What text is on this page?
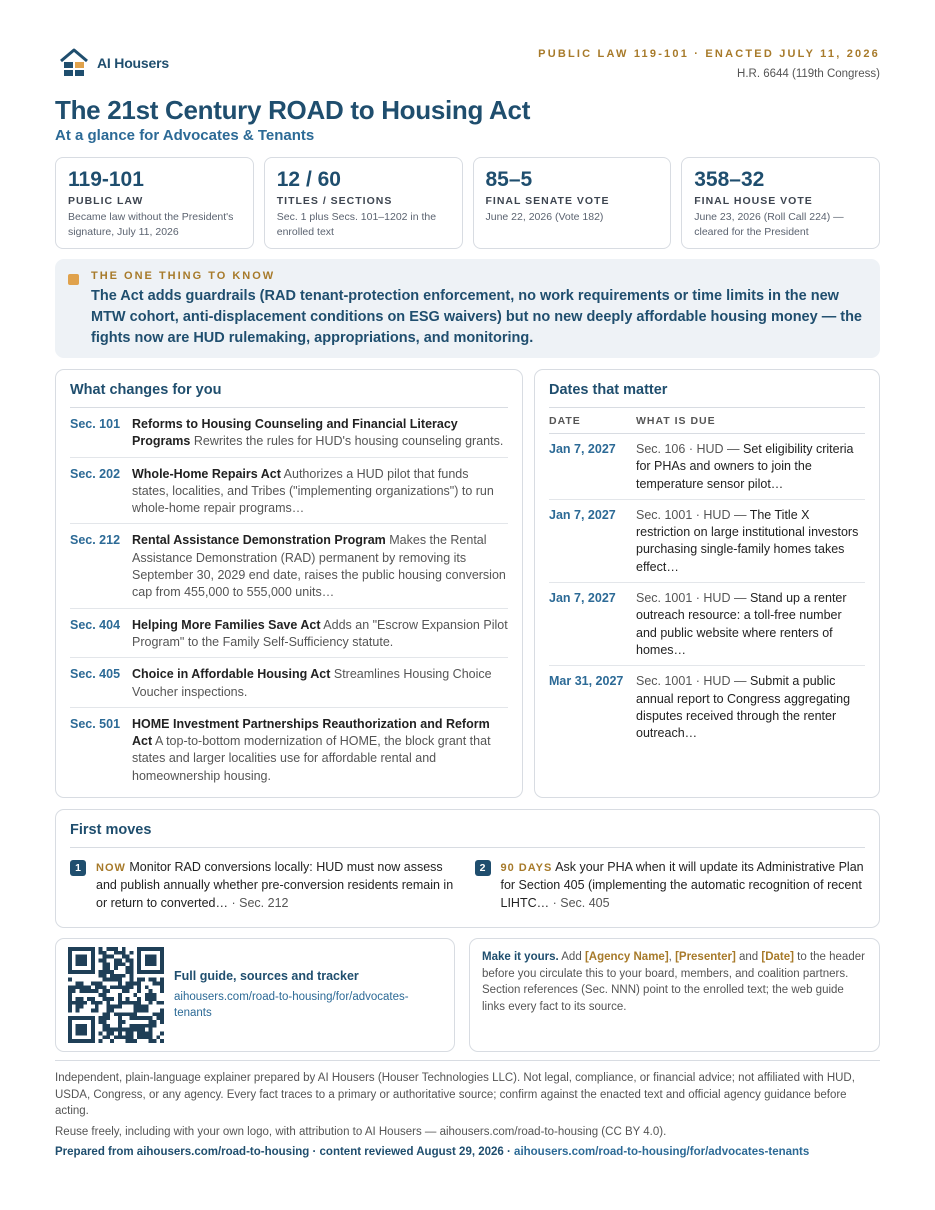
AI Housers
PUBLIC LAW 119-101 · ENACTED JULY 11, 2026
H.R. 6644 (119th Congress)
The 21st Century ROAD to Housing Act
At a glance for Advocates & Tenants
119-101
PUBLIC LAW
Became law without the President's signature, July 11, 2026
12 / 60
TITLES / SECTIONS
Sec. 1 plus Secs. 101–1202 in the enrolled text
85–5
FINAL SENATE VOTE
June 22, 2026 (Vote 182)
358–32
FINAL HOUSE VOTE
June 23, 2026 (Roll Call 224) — cleared for the President
THE ONE THING TO KNOW
The Act adds guardrails (RAD tenant-protection enforcement, no work requirements or time limits in the new MTW cohort, anti-displacement conditions on ESG waivers) but no new deeply affordable housing money — the fights now are HUD rulemaking, appropriations, and monitoring.
What changes for you
Sec. 101 Reforms to Housing Counseling and Financial Literacy Programs Rewrites the rules for HUD's housing counseling grants.
Sec. 202 Whole-Home Repairs Act Authorizes a HUD pilot that funds states, localities, and Tribes ("implementing organizations") to run whole-home repair programs…
Sec. 212 Rental Assistance Demonstration Program Makes the Rental Assistance Demonstration (RAD) permanent by removing its September 30, 2029 end date, raises the public housing conversion cap from 455,000 to 555,000 units…
Sec. 404 Helping More Families Save Act Adds an "Escrow Expansion Pilot Program" to the Family Self-Sufficiency statute.
Sec. 405 Choice in Affordable Housing Act Streamlines Housing Choice Voucher inspections.
Sec. 501 HOME Investment Partnerships Reauthorization and Reform Act A top-to-bottom modernization of HOME, the block grant that states and larger localities use for affordable rental and homeownership housing.
Dates that matter
DATE	WHAT IS DUE
Jan 7, 2027	Sec. 106 · HUD — Set eligibility criteria for PHAs and owners to join the temperature sensor pilot…
Jan 7, 2027	Sec. 1001 · HUD — The Title X restriction on large institutional investors purchasing single-family homes takes effect…
Jan 7, 2027	Sec. 1001 · HUD — Stand up a renter outreach resource: a toll-free number and public website where renters of homes…
Mar 31, 2027	Sec. 1001 · HUD — Submit a public annual report to Congress aggregating disputes received through the renter outreach…
First moves
1	NOW Monitor RAD conversions locally: HUD must now assess and publish annually whether pre-conversion residents remain in or return to converted… · Sec. 212
2	90 DAYS Ask your PHA when it will update its Administrative Plan for Section 405 (implementing the automatic recognition of recent LIHTC… · Sec. 405
Full guide, sources and tracker
aihousers.com/road-to-housing/for/advocates-tenants
Make it yours. Add [Agency Name], [Presenter] and [Date] to the header before you circulate this to your board, members, and coalition partners. Section references (Sec. NNN) point to the enrolled text; the web guide links every fact to its source.

Independent, plain-language explainer prepared by AI Housers (Houser Technologies LLC). Not legal, compliance, or financial advice; not affiliated with HUD, USDA, Congress, or any agency. Every fact traces to a primary or authoritative source; confirm against the enacted text and official agency guidance before acting.

Reuse freely, including with your own logo, with attribution to AI Housers — aihousers.com/road-to-housing (CC BY 4.0).

Prepared from aihousers.com/road-to-housing · content reviewed August 29, 2026 · aihousers.com/road-to-housing/for/advocates-tenants
